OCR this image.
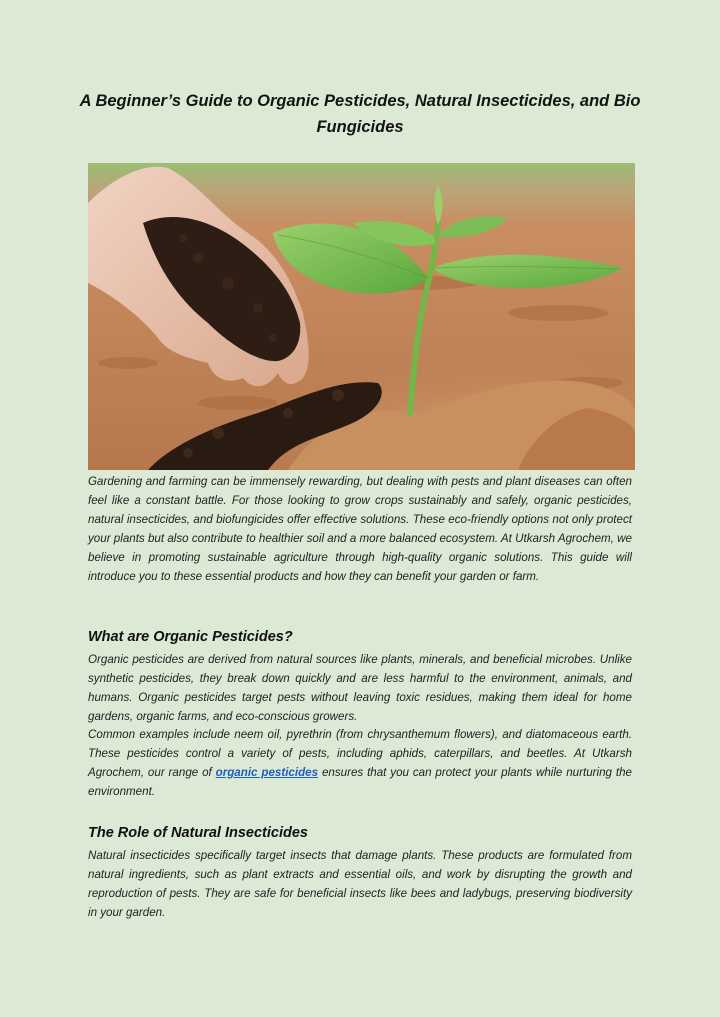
A Beginner’s Guide to Organic Pesticides, Natural Insecticides, and Bio Fungicides

Gardening and farming can be immensely rewarding, but dealing with pests and plant diseases can often feel like a constant battle. For those looking to grow crops sustainably and safely, organic pesticides, natural insecticides, and biofungicides offer effective solutions. These eco-friendly options not only protect your plants but also contribute to healthier soil and a more balanced ecosystem. At Utkarsh Agrochem, we believe in promoting sustainable agriculture through high-quality organic solutions. This guide will introduce you to these essential products and how they can benefit your garden or farm.

What are Organic Pesticides?

Organic pesticides are derived from natural sources like plants, minerals, and beneficial microbes. Unlike synthetic pesticides, they break down quickly and are less harmful to the environment, animals, and humans. Organic pesticides target pests without leaving toxic residues, making them ideal for home gardens, organic farms, and eco-conscious growers.

Common examples include neem oil, pyrethrin (from chrysanthemum flowers), and diatomaceous earth. These pesticides control a variety of pests, including aphids, caterpillars, and beetles. At Utkarsh Agrochem, our range of organic pesticides ensures that you can protect your plants while nurturing the environment.

The Role of Natural Insecticides

Natural insecticides specifically target insects that damage plants. These products are formulated from natural ingredients, such as plant extracts and essential oils, and work by disrupting the growth and reproduction of pests. They are safe for beneficial insects like bees and ladybugs, preserving biodiversity in your garden.
